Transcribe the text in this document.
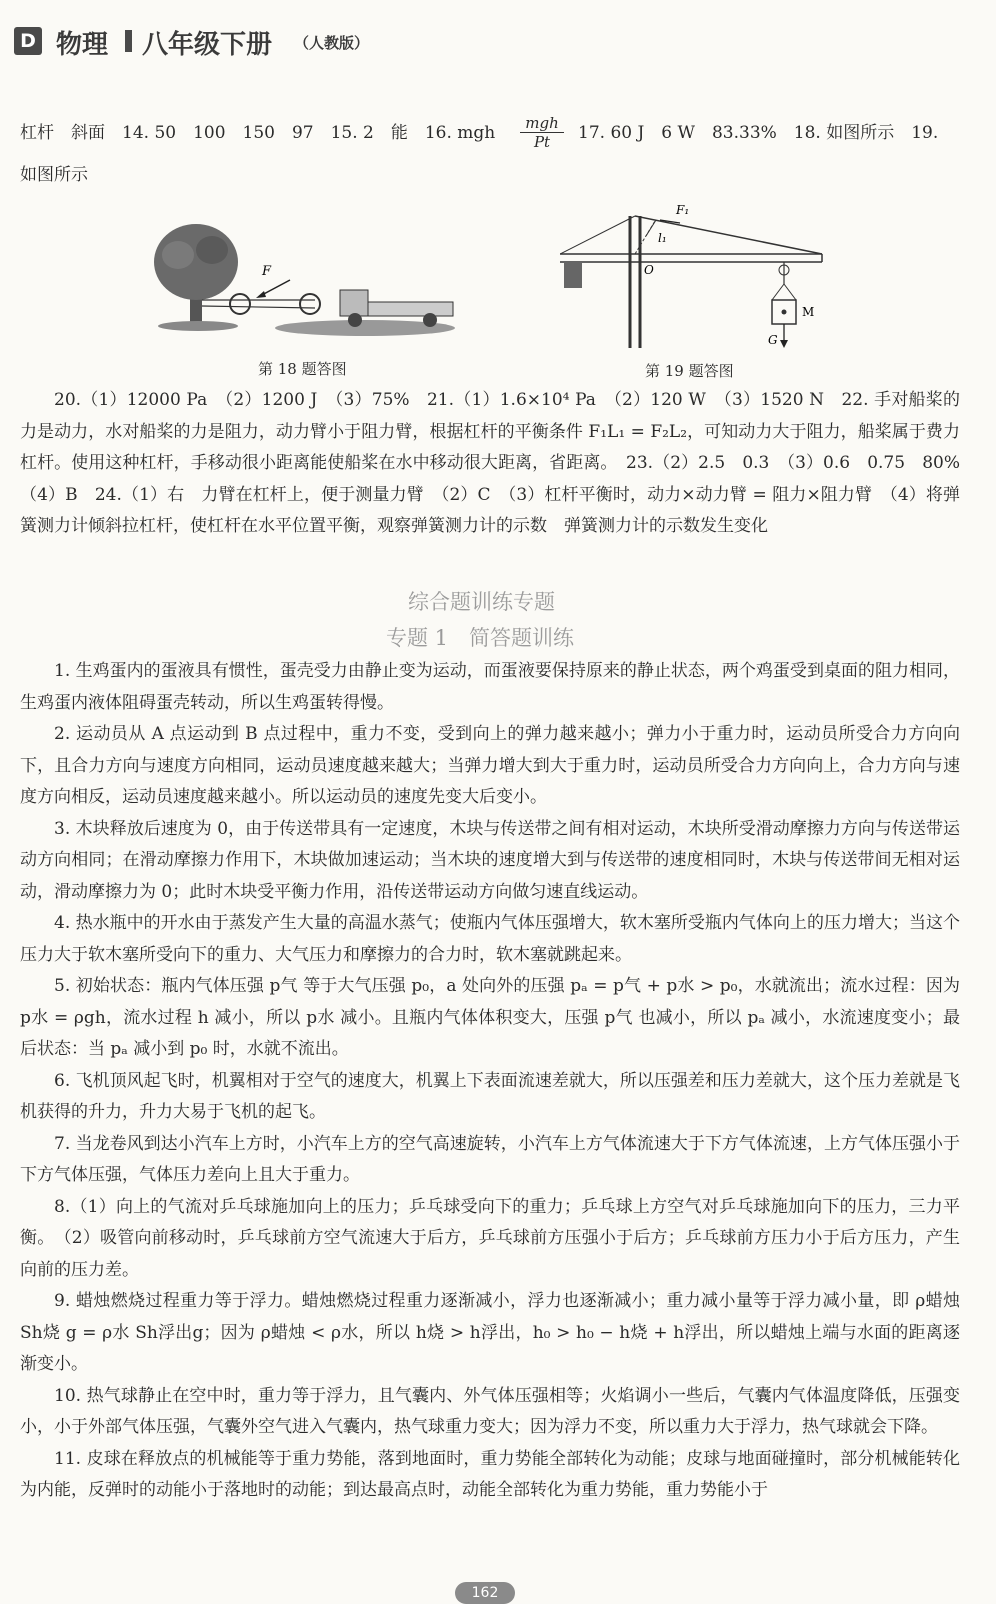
D 物理 八年级下册 （人教版）
杠杆　斜面　14. 50　100　150　97　15. 2　能　16. mgh	mgh
Pt	17. 60 J　6 W　83.33%　18. 如图所示　19.
如图所示
F
第 18 题答图
l₁
F₁
O
M
G
第 19 题答图

20.（1）12000 Pa　（2）1200 J　（3）75%　21.（1）1.6×10⁴ Pa　（2）120 W　（3）1520 N　22. 手对船桨的力是动力，水对船桨的力是阻力，动力臂小于阻力臂，根据杠杆的平衡条件 F₁L₁ = F₂L₂，可知动力大于阻力，船桨属于费力杠杆。使用这种杠杆，手移动很小距离能使船桨在水中移动很大距离，省距离。　23.（2）2.5　0.3　（3）0.6　0.75　80%　（4）B　24.（1）右　力臂在杠杆上，便于测量力臂　（2）C　（3）杠杆平衡时，动力×动力臂 = 阻力×阻力臂　（4）将弹簧测力计倾斜拉杠杆，使杠杆在水平位置平衡，观察弹簧测力计的示数　弹簧测力计的示数发生变化

综合题训练专题
专题 1　简答题训练

1. 生鸡蛋内的蛋液具有惯性，蛋壳受力由静止变为运动，而蛋液要保持原来的静止状态，两个鸡蛋受到桌面的阻力相同，生鸡蛋内液体阻碍蛋壳转动，所以生鸡蛋转得慢。

2. 运动员从 A 点运动到 B 点过程中，重力不变，受到向上的弹力越来越小；弹力小于重力时，运动员所受合力方向向下，且合力方向与速度方向相同，运动员速度越来越大；当弹力增大到大于重力时，运动员所受合力方向向上，合力方向与速度方向相反，运动员速度越来越小。所以运动员的速度先变大后变小。

3. 木块释放后速度为 0，由于传送带具有一定速度，木块与传送带之间有相对运动，木块所受滑动摩擦力方向与传送带运动方向相同；在滑动摩擦力作用下，木块做加速运动；当木块的速度增大到与传送带的速度相同时，木块与传送带间无相对运动，滑动摩擦力为 0；此时木块受平衡力作用，沿传送带运动方向做匀速直线运动。

4. 热水瓶中的开水由于蒸发产生大量的高温水蒸气；使瓶内气体压强增大，软木塞所受瓶内气体向上的压力增大；当这个压力大于软木塞所受向下的重力、大气压力和摩擦力的合力时，软木塞就跳起来。

5. 初始状态：瓶内气体压强 p气 等于大气压强 p₀，a 处向外的压强 pₐ = p气 + p水 > p₀，水就流出；流水过程：因为 p水 = ρgh，流水过程 h 减小，所以 p水 减小。且瓶内气体体积变大，压强 p气 也减小，所以 pₐ 减小，水流速度变小；最后状态：当 pₐ 减小到 p₀ 时，水就不流出。

6. 飞机顶风起飞时，机翼相对于空气的速度大，机翼上下表面流速差就大，所以压强差和压力差就大，这个压力差就是飞机获得的升力，升力大易于飞机的起飞。

7. 当龙卷风到达小汽车上方时，小汽车上方的空气高速旋转，小汽车上方气体流速大于下方气体流速，上方气体压强小于下方气体压强，气体压力差向上且大于重力。

8.（1）向上的气流对乒乓球施加向上的压力；乒乓球受向下的重力；乒乓球上方空气对乒乓球施加向下的压力，三力平衡。　（2）吸管向前移动时，乒乓球前方空气流速大于后方，乒乓球前方压强小于后方；乒乓球前方压力小于后方压力，产生向前的压力差。

9. 蜡烛燃烧过程重力等于浮力。蜡烛燃烧过程重力逐渐减小，浮力也逐渐减小；重力减小量等于浮力减小量，即 ρ蜡烛Sh烧 g = ρ水 Sh浮出g；因为 ρ蜡烛 < ρ水，所以 h烧 > h浮出，h₀ > h₀ − h烧 + h浮出，所以蜡烛上端与水面的距离逐渐变小。

10. 热气球静止在空中时，重力等于浮力，且气囊内、外气体压强相等；火焰调小一些后，气囊内气体温度降低，压强变小，小于外部气体压强，气囊外空气进入气囊内，热气球重力变大；因为浮力不变，所以重力大于浮力，热气球就会下降。

11. 皮球在释放点的机械能等于重力势能，落到地面时，重力势能全部转化为动能；皮球与地面碰撞时，部分机械能转化为内能，反弹时的动能小于落地时的动能；到达最高点时，动能全部转化为重力势能，重力势能小于

162
